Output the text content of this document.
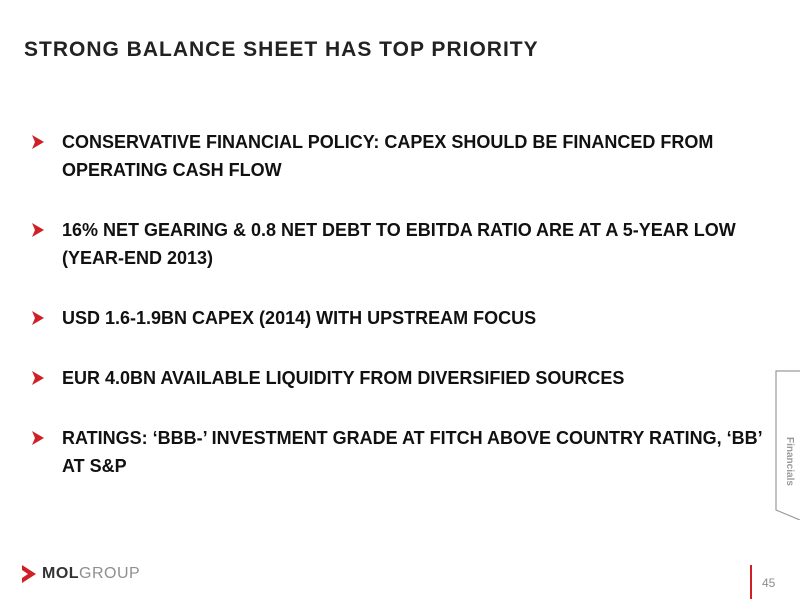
STRONG BALANCE SHEET HAS TOP PRIORITY
CONSERVATIVE FINANCIAL POLICY: CAPEX SHOULD BE FINANCED FROM OPERATING CASH FLOW
16% NET GEARING & 0.8 NET DEBT TO EBITDA RATIO ARE AT A 5-YEAR LOW (YEAR-END 2013)
USD 1.6-1.9BN CAPEX (2014) WITH UPSTREAM FOCUS
EUR 4.0BN AVAILABLE LIQUIDITY FROM DIVERSIFIED SOURCES
RATINGS: ‘BBB-’ INVESTMENT GRADE AT FITCH ABOVE COUNTRY RATING, ‘BB’ AT S&P	Financials
MOLGROUP
45
